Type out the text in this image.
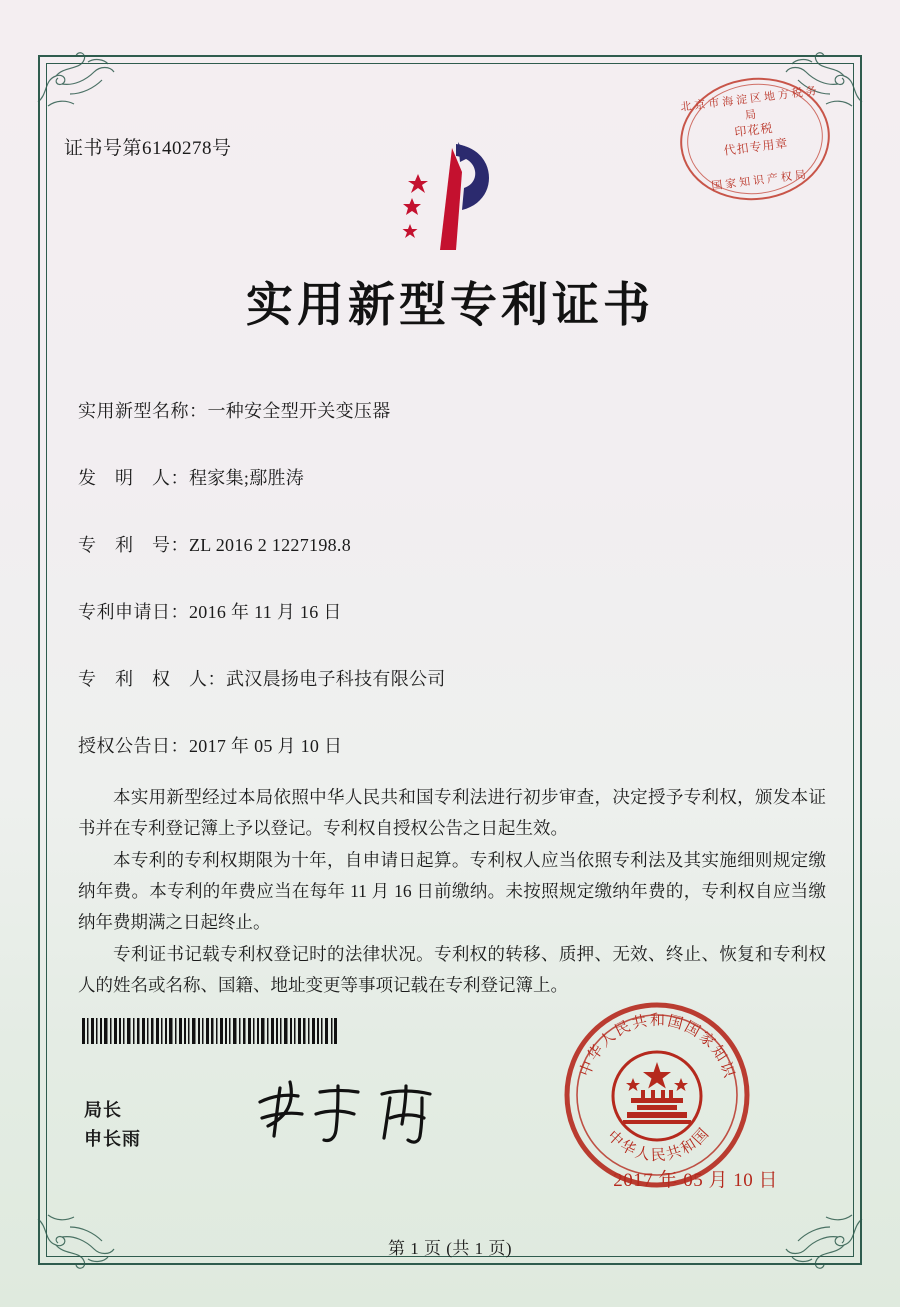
证书号第6140278号
北京市海淀区地方税务局
印花税
代扣专用章
国家知识产权局
实用新型专利证书
实用新型名称：一种安全型开关变压器
发　明　人：程家集;鄢胜涛
专　利　号：ZL 2016 2 1227198.8
专利申请日：2016 年 11 月 16 日
专　利　权　人：武汉晨扬电子科技有限公司
授权公告日：2017 年 05 月 10 日

本实用新型经过本局依照中华人民共和国专利法进行初步审查，决定授予专利权，颁发本证书并在专利登记簿上予以登记。专利权自授权公告之日起生效。

本专利的专利权期限为十年，自申请日起算。专利权人应当依照专利法及其实施细则规定缴纳年费。本专利的年费应当在每年 11 月 16 日前缴纳。未按照规定缴纳年费的，专利权自应当缴纳年费期满之日起终止。

专利证书记载专利权登记时的法律状况。专利权的转移、质押、无效、终止、恢复和专利权人的姓名或名称、国籍、地址变更等事项记载在专利登记簿上。

局长
申长雨
中华人民共和国国家知识
中华人民共和国
2017 年 05 月 10 日
第 1 页 (共 1 页)
